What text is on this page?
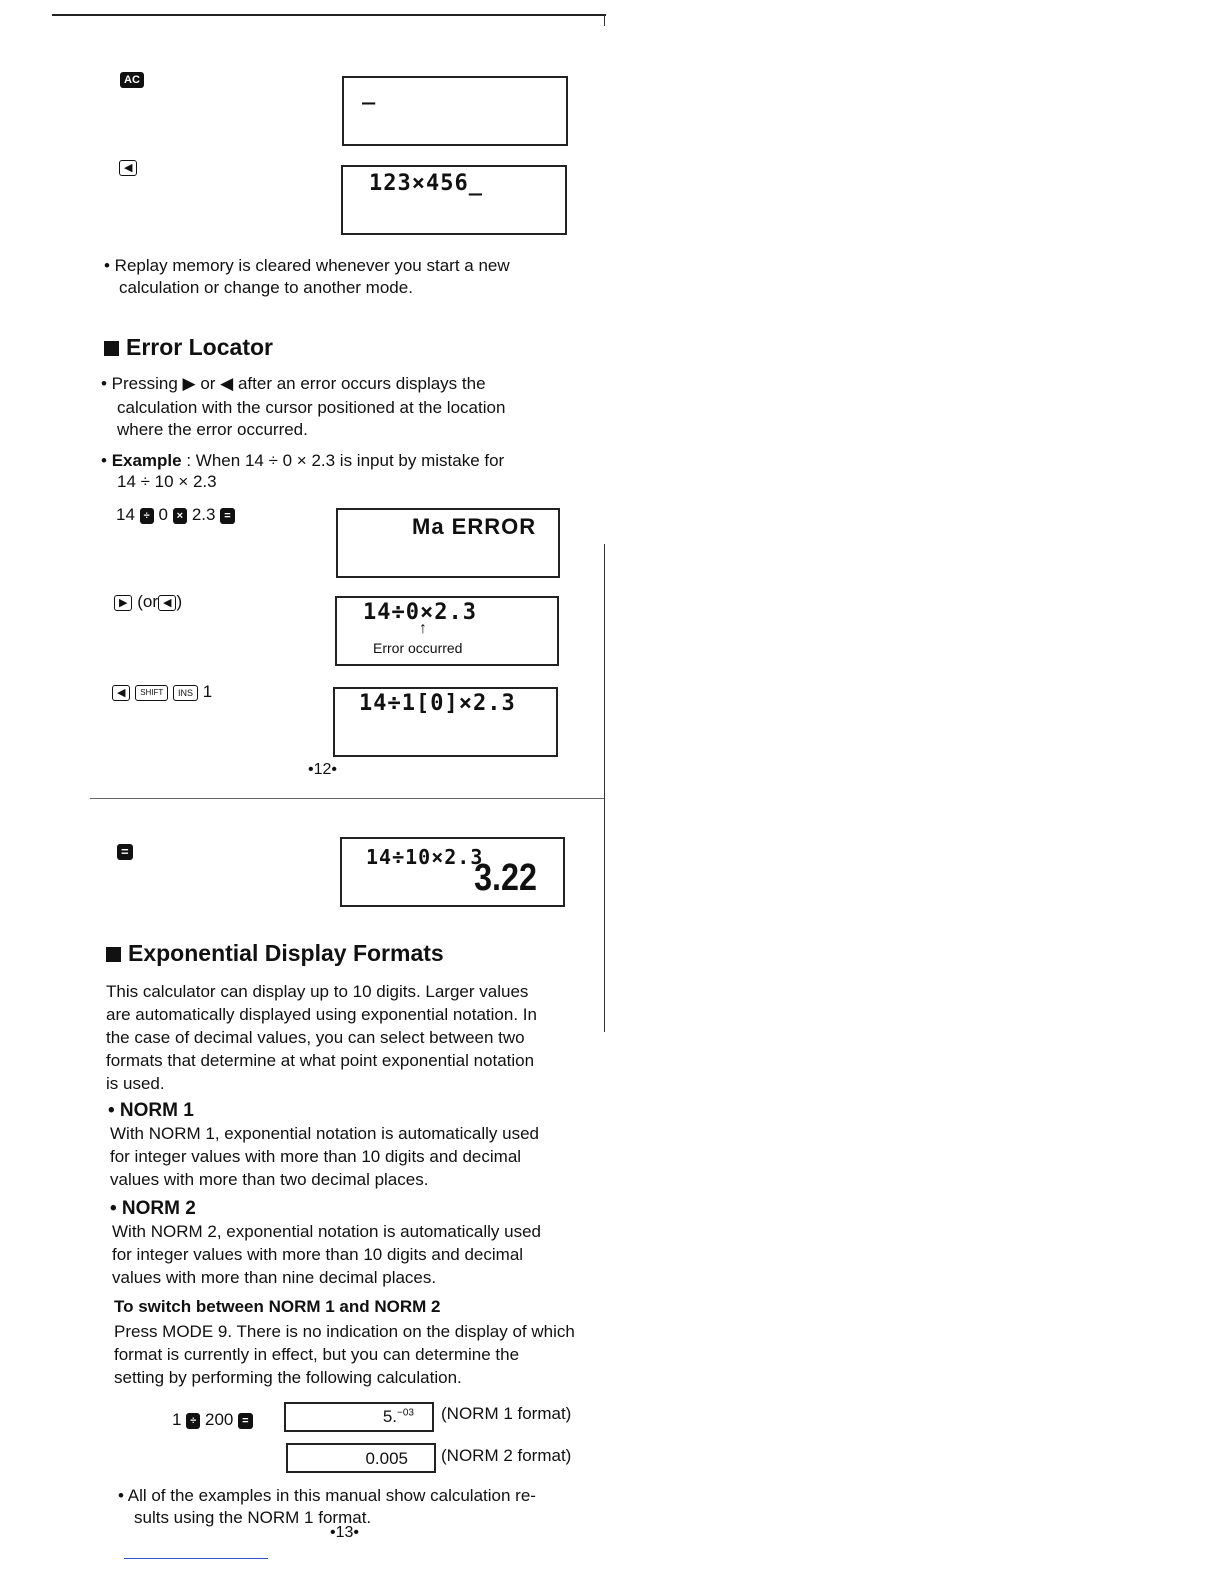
AC	_
◀
123×456_
• Replay memory is cleared whenever you start a new
calculation or change to another mode.
Error Locator
• Pressing ▶ or ◀ after an error occurs displays the
calculation with the cursor positioned at the location
where the error occurred.
• Example : When 14 ÷ 0 × 2.3 is input by mistake for
14 ÷ 10 × 2.3
14 ÷ 0 × 2.3 =	Ma ERROR
▶ (or ◀ )	14÷0×2.3
↑
Error occurred
◀ SHIFT INS 1	14÷1[0]×2.3
•12•
=	14÷10×2.3
3.22
Exponential Display Formats
This calculator can display up to 10 digits. Larger values
are automatically displayed using exponential notation. In
the case of decimal values, you can select between two
formats that determine at what point exponential notation
is used.
• NORM 1
With NORM 1, exponential notation is automatically used
for integer values with more than 10 digits and decimal
values with more than two decimal places.
• NORM 2
With NORM 2, exponential notation is automatically used
for integer values with more than 10 digits and decimal
values with more than nine decimal places.
To switch between NORM 1 and NORM 2
Press MODE 9. There is no indication on the display of which
format is currently in effect, but you can determine the
setting by performing the following calculation.
1 ÷ 200 =	5.$^{-03}$ (NORM 1 format)
0.005 (NORM 2 format)
• All of the examples in this manual show calculation re-
sults using the NORM 1 format.
•13•
